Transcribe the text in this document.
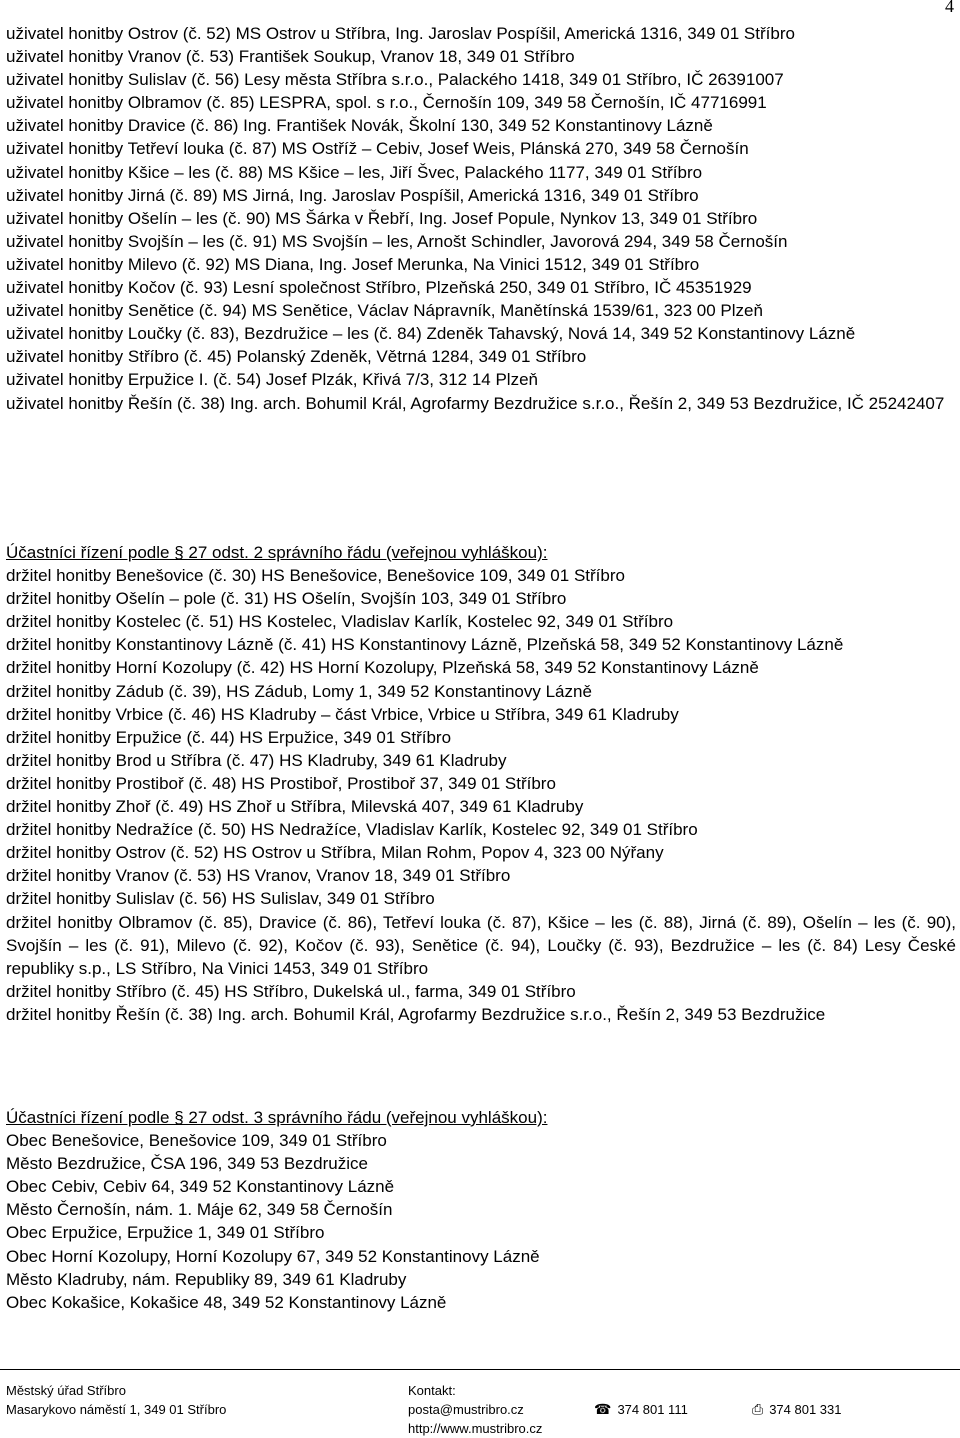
4

uživatel honitby Ostrov (č. 52) MS Ostrov u Stříbra, Ing. Jaroslav Pospíšil, Americká 1316, 349 01 Stříbro

uživatel honitby Vranov (č. 53) František Soukup, Vranov 18, 349 01 Stříbro

uživatel honitby Sulislav (č. 56) Lesy města Stříbra s.r.o., Palackého 1418, 349 01 Stříbro, IČ 26391007

uživatel honitby Olbramov (č. 85) LESPRA, spol. s r.o., Černošín 109, 349 58 Černošín, IČ 47716991

uživatel honitby Dravice (č. 86) Ing. František Novák, Školní 130, 349 52 Konstantinovy Lázně

uživatel honitby Tetřeví louka (č. 87) MS Ostříž – Cebiv, Josef Weis, Plánská 270, 349 58 Černošín

uživatel honitby Kšice – les (č. 88) MS Kšice – les, Jiří Švec, Palackého 1177, 349 01 Stříbro

uživatel honitby Jirná (č. 89) MS Jirná, Ing. Jaroslav Pospíšil, Americká 1316, 349 01 Stříbro

uživatel honitby Ošelín – les (č. 90) MS Šárka v Řebří, Ing. Josef Popule, Nynkov 13, 349 01 Stříbro

uživatel honitby Svojšín – les (č. 91) MS Svojšín – les, Arnošt Schindler, Javorová 294, 349 58 Černošín

uživatel honitby Milevo (č. 92) MS Diana, Ing. Josef Merunka, Na Vinici 1512, 349 01 Stříbro

uživatel honitby Kočov (č. 93) Lesní společnost Stříbro, Plzeňská 250, 349 01 Stříbro, IČ 45351929

uživatel honitby Senětice (č. 94) MS Senětice, Václav Nápravník, Manětínská 1539/61, 323 00 Plzeň

uživatel honitby Loučky (č. 83), Bezdružice – les (č. 84) Zdeněk Tahavský, Nová 14, 349 52 Konstantinovy Lázně

uživatel honitby Stříbro (č. 45) Polanský Zdeněk, Větrná 1284, 349 01 Stříbro

uživatel honitby Erpužice I. (č. 54) Josef Plzák, Křivá 7/3, 312 14 Plzeň

uživatel honitby Řešín (č. 38) Ing. arch. Bohumil Král, Agrofarmy Bezdružice s.r.o., Řešín 2, 349 53 Bezdružice, IČ 25242407

Účastníci řízení podle § 27 odst. 2 správního řádu (veřejnou vyhláškou):

držitel honitby Benešovice (č. 30) HS Benešovice, Benešovice 109, 349 01 Stříbro

držitel honitby Ošelín – pole (č. 31) HS Ošelín, Svojšín 103, 349 01 Stříbro

držitel honitby Kostelec (č. 51) HS Kostelec, Vladislav Karlík, Kostelec 92, 349 01 Stříbro

držitel honitby Konstantinovy Lázně (č. 41) HS Konstantinovy Lázně, Plzeňská 58, 349 52 Konstantinovy Lázně

držitel honitby Horní Kozolupy (č. 42) HS Horní Kozolupy, Plzeňská 58, 349 52 Konstantinovy Lázně

držitel honitby Zádub (č. 39), HS Zádub, Lomy 1, 349 52 Konstantinovy Lázně

držitel honitby Vrbice (č. 46) HS Kladruby – část Vrbice, Vrbice u Stříbra, 349 61 Kladruby

držitel honitby Erpužice (č. 44) HS Erpužice, 349 01 Stříbro

držitel honitby Brod u Stříbra (č. 47) HS Kladruby, 349 61 Kladruby

držitel honitby Prostiboř (č. 48) HS Prostiboř, Prostiboř 37, 349 01 Stříbro

držitel honitby Zhoř (č. 49) HS Zhoř u Stříbra, Milevská 407, 349 61 Kladruby

držitel honitby Nedražíce (č. 50) HS Nedražíce, Vladislav Karlík, Kostelec 92, 349 01 Stříbro

držitel honitby Ostrov (č. 52) HS Ostrov u Stříbra, Milan Rohm, Popov 4, 323 00 Nýřany

držitel honitby Vranov (č. 53) HS Vranov, Vranov 18, 349 01 Stříbro

držitel honitby Sulislav (č. 56) HS Sulislav, 349 01 Stříbro

držitel honitby Olbramov (č. 85), Dravice (č. 86), Tetřeví louka (č. 87), Kšice – les (č. 88), Jirná (č. 89), Ošelín – les (č. 90), Svojšín – les (č. 91), Milevo (č. 92), Kočov (č. 93), Senětice (č. 94), Loučky (č. 93), Bezdružice – les (č. 84) Lesy České republiky s.p., LS Stříbro, Na Vinici 1453, 349 01 Stříbro

držitel honitby Stříbro (č. 45) HS Stříbro, Dukelská ul., farma, 349 01 Stříbro

držitel honitby Řešín (č. 38) Ing. arch. Bohumil Král, Agrofarmy Bezdružice s.r.o., Řešín 2, 349 53 Bezdružice

Účastníci řízení podle § 27 odst. 3 správního řádu (veřejnou vyhláškou):

Obec Benešovice, Benešovice 109, 349 01 Stříbro

Město Bezdružice, ČSA 196, 349 53 Bezdružice

Obec Cebiv, Cebiv 64, 349 52 Konstantinovy Lázně

Město Černošín, nám. 1. Máje 62, 349 58 Černošín

Obec Erpužice, Erpužice 1, 349 01 Stříbro

Obec Horní Kozolupy, Horní Kozolupy 67, 349 52 Konstantinovy Lázně

Město Kladruby, nám. Republiky 89, 349 61 Kladruby

Obec Kokašice, Kokašice 48, 349 52 Konstantinovy Lázně

Městský úřad Stříbro
Masarykovo náměstí 1, 349 01 Stříbro
Kontakt:
posta@mustribro.cz
http://www.mustribro.cz
☎ 374 801 111	⎙ 374 801 331
